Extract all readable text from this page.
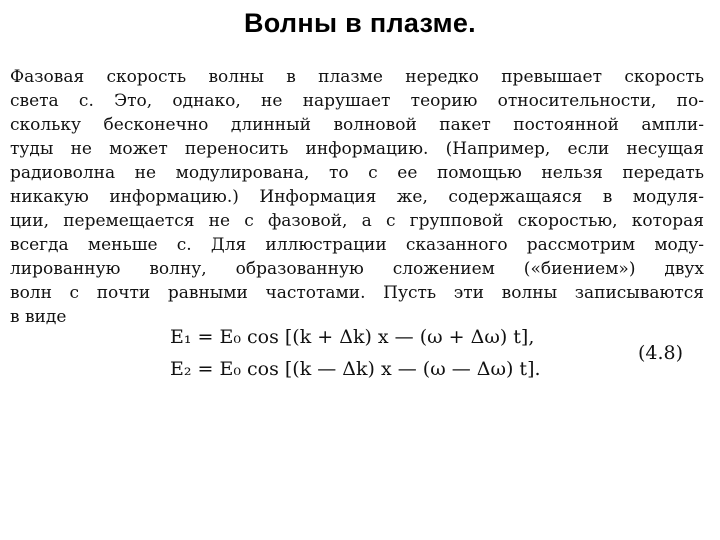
Волны в плазме.
Фазовая скорость волны в плазме нередко превышает скорость
света c. Это, однако, не нарушает теорию относительности, по-
скольку бесконечно длинный волновой пакет постоянной ампли-
туды не может переносить информацию. (Например, если несущая
радиоволна не модулирована, то с ее помощью нельзя передать
никакую информацию.) Информация же, содержащаяся в модуля-
ции, перемещается не с фазовой, а с групповой скоростью, которая
всегда меньше c. Для иллюстрации сказанного рассмотрим моду-
лированную волну, образованную сложением («биением») двух
волн с почти равными частотами. Пусть эти волны записываются
в виде
E₁ = E₀ cos [(k + Δk) x — (ω + Δω) t],
E₂ = E₀ cos [(k — Δk) x — (ω — Δω) t].
(4.8)
